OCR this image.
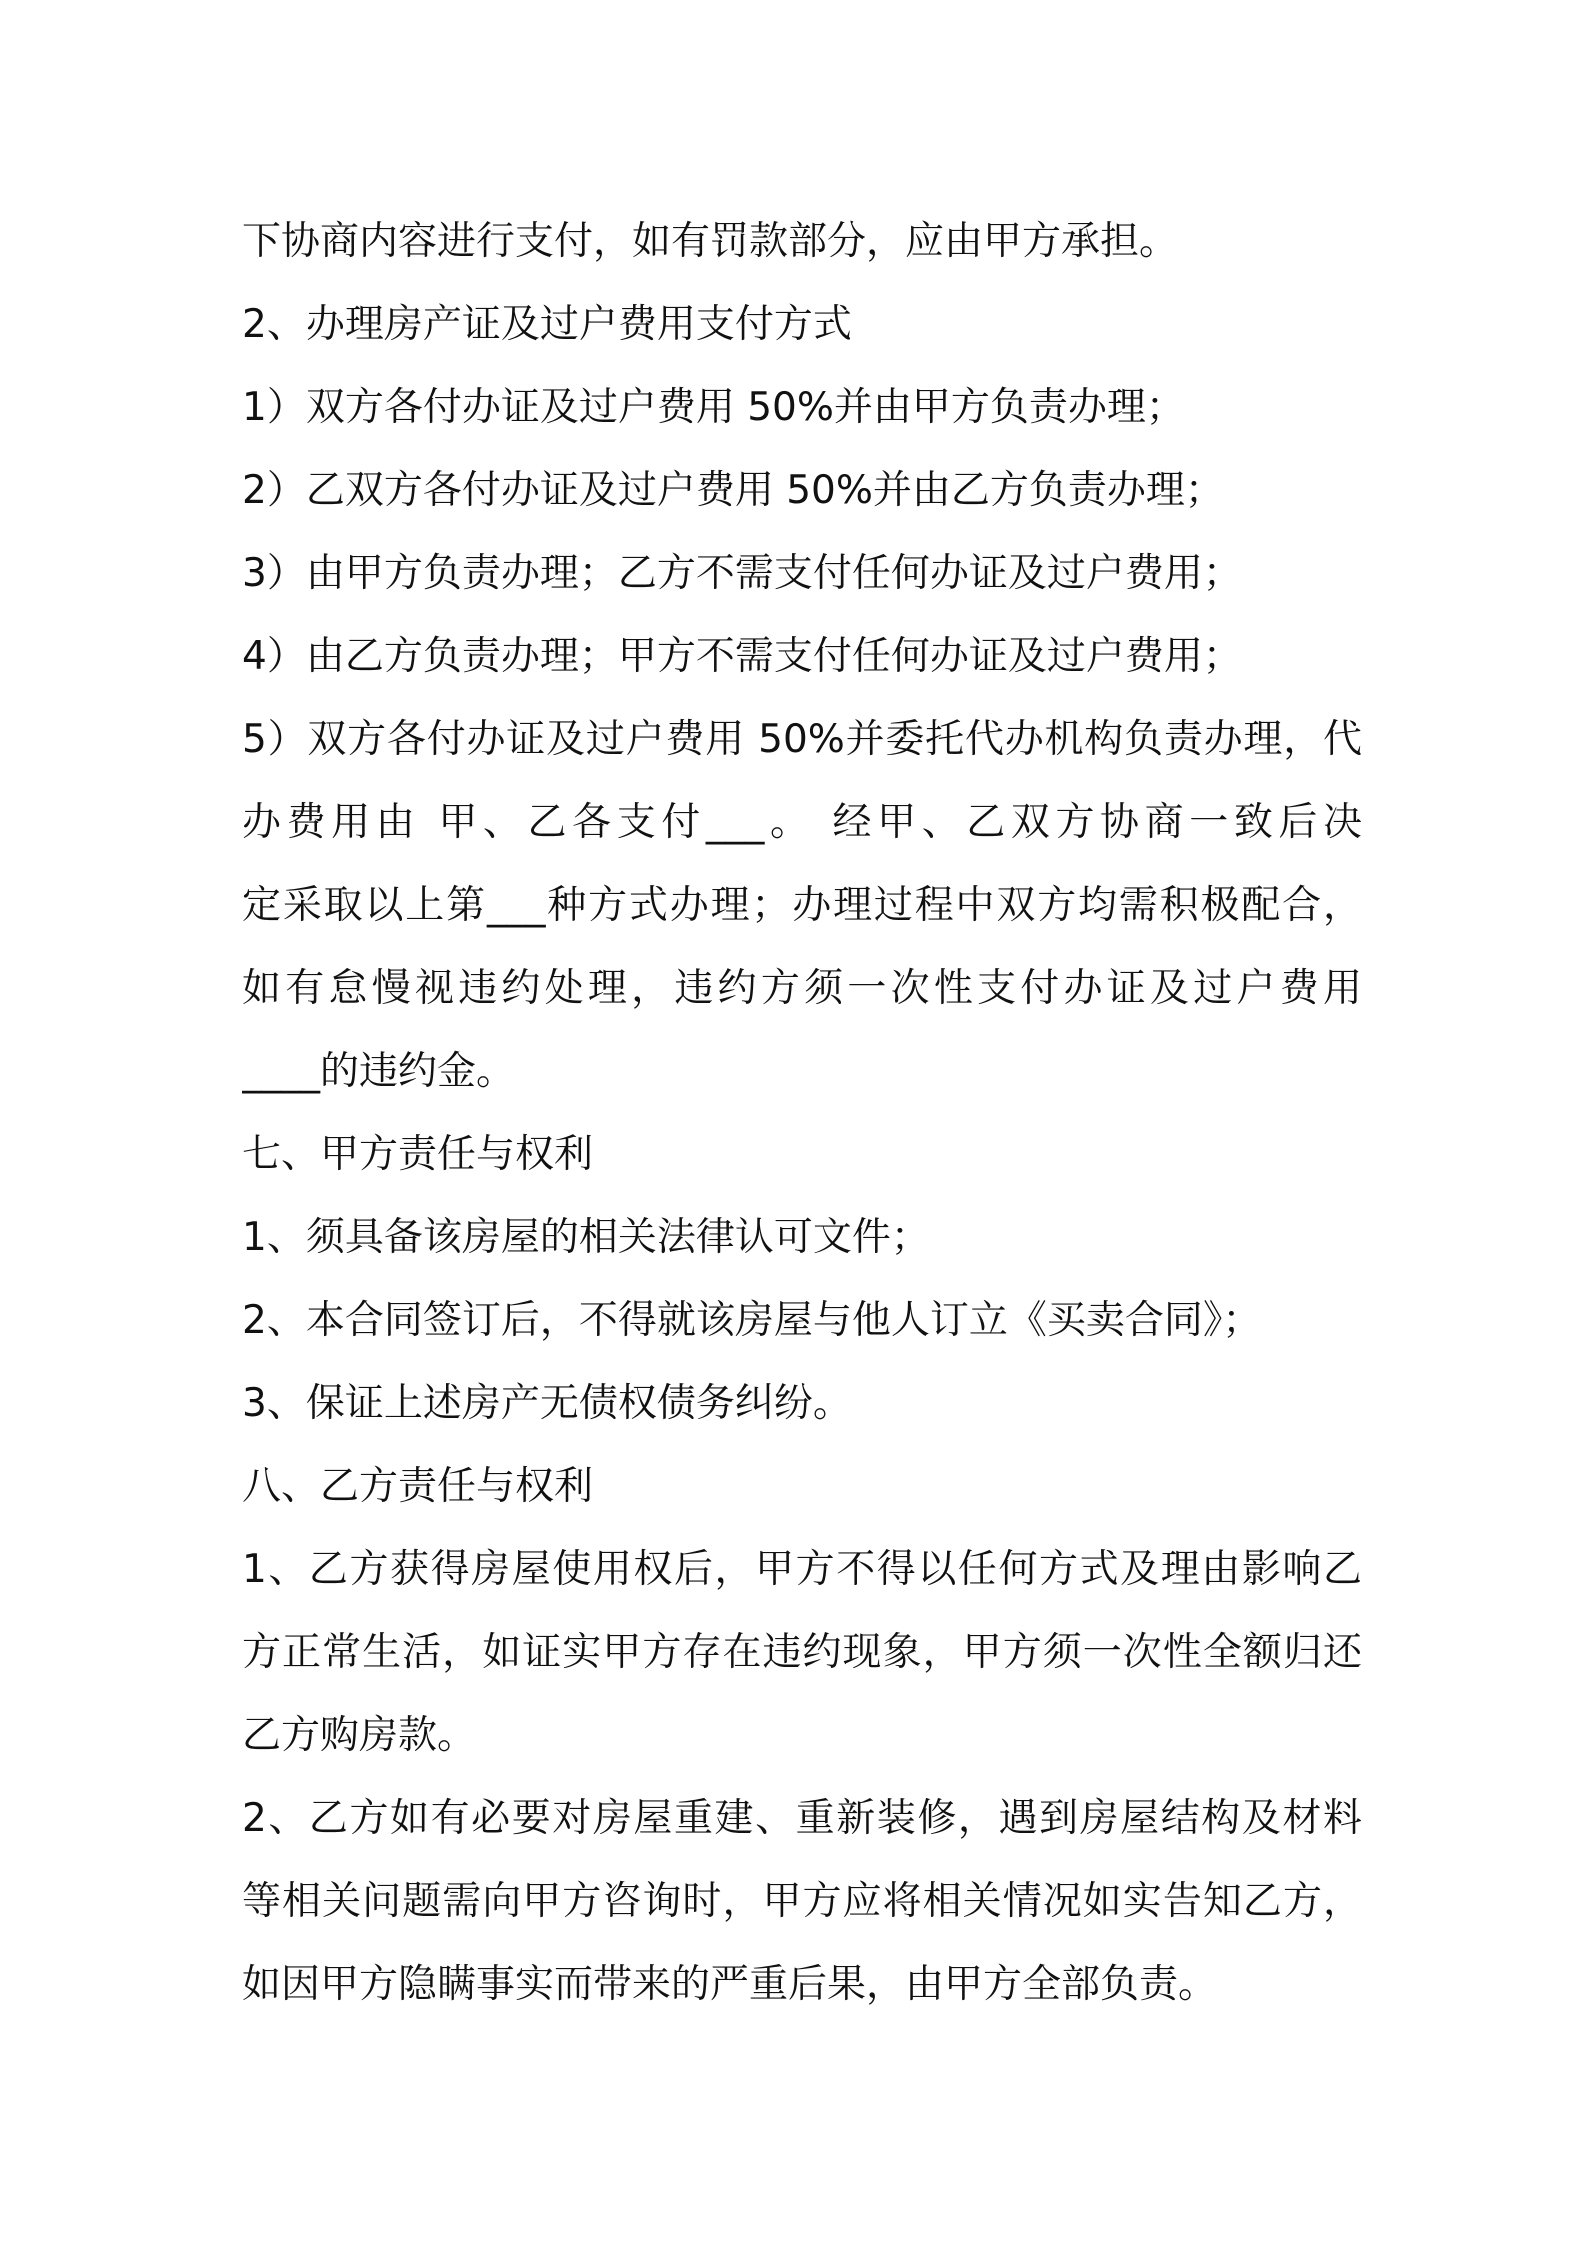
下协商内容进行支付，如有罚款部分，应由甲方承担。
2、办理房产证及过户费用支付方式
1）双方各付办证及过户费用 50%并由甲方负责办理；
2）乙双方各付办证及过户费用 50%并由乙方负责办理；
3）由甲方负责办理；乙方不需支付任何办证及过户费用；
4）由乙方负责办理；甲方不需支付任何办证及过户费用；
5）双方各付办证及过户费用 50%并委托代办机构负责办理，代
办费用由 甲、乙各支付___。 经甲、乙双方协商一致后决
定采取以上第___种方式办理；办理过程中双方均需积极配合，
如有怠慢视违约处理，违约方须一次性支付办证及过户费用
____的违约金。
七、甲方责任与权利
1、须具备该房屋的相关法律认可文件；
2、本合同签订后，不得就该房屋与他人订立《买卖合同》；
3、保证上述房产无债权债务纠纷。
八、乙方责任与权利
1、乙方获得房屋使用权后，甲方不得以任何方式及理由影响乙
方正常生活，如证实甲方存在违约现象，甲方须一次性全额归还
乙方购房款。
2、乙方如有必要对房屋重建、重新装修，遇到房屋结构及材料
等相关问题需向甲方咨询时，甲方应将相关情况如实告知乙方，
如因甲方隐瞒事实而带来的严重后果，由甲方全部负责。
